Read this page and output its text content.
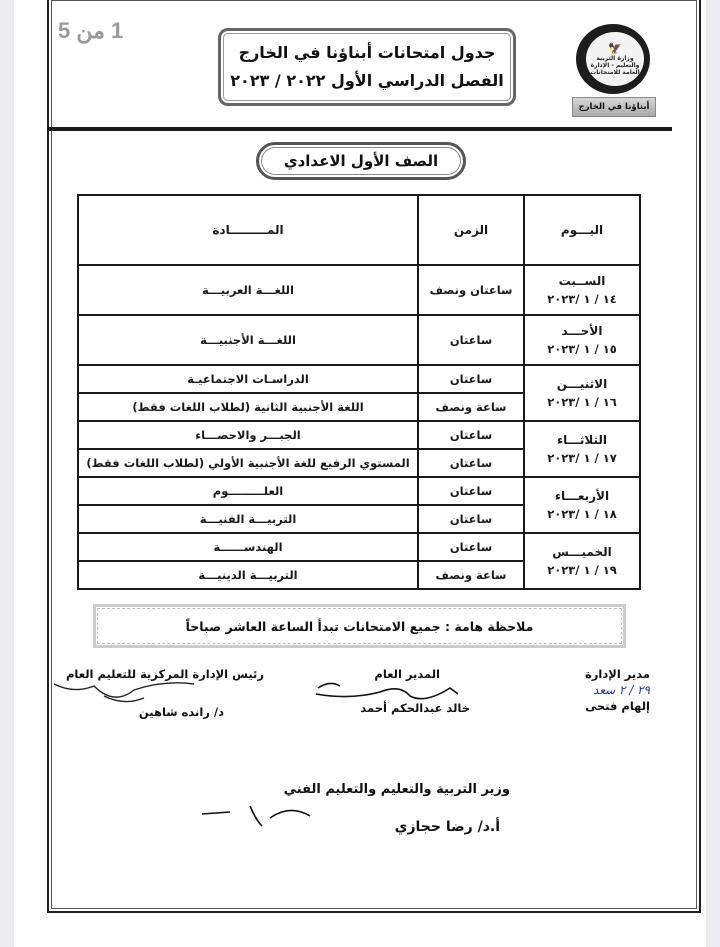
1 من 5
جدول امتحانات أبناؤنا في الخارج
الفصل الدراسي الأول ٢٠٢٢ / ٢٠٢٣
🦅
وزارة التربية والتعليم - الإدارة العامة للامتحانات
أبناؤنا في الخارج
الصف الأول الاعدادي
اليـــوم	الزمن	المـــــــــادة

الســبت
١٤ / ١ /٢٠٢٣	ساعتان ونصف	اللغـــة العربيـــة

الأحـــد
١٥ / ١ /٢٠٢٣	ساعتان	اللغـــة الأجنبيـــة

الاثنيـــن
١٦ / ١ /٢٠٢٣	ساعتان	الدراسـات الاجتماعيـة
	ساعة ونصف	اللغة الأجنبية الثانية (لطلاب اللغات فقط)

الثلاثـــاء
١٧ / ١ /٢٠٢٣	ساعتان	الجبـــر والاحصـــاء
	ساعتان	المستوي الرفيع للغة الأجنبية الأولي (لطلاب اللغات فقط)

الأربعـــاء
١٨ / ١ /٢٠٢٣	ساعتان	العلـــــــــوم
	ساعتان	التربيـــة الفنيـــة

الخميـــس
١٩ / ١ /٢٠٢٣	ساعتان	الهندســــــة
	ساعة ونصف	التربيـــة الدينيـــة
ملاحظة هامة : جميع الامتحانات تبدأ الساعة العاشر صباحاً
مدير الإدارة
٢٩ / ٢ سعد
إلهام فتحى
المدير العام
خالد عبدالحكم أحمد
رئيس الإدارة المركزية للتعليم العام
د/ رانده شاهين
وزير التربية والتعليم والتعليم الفني
أ.د/ رضا حجازي
